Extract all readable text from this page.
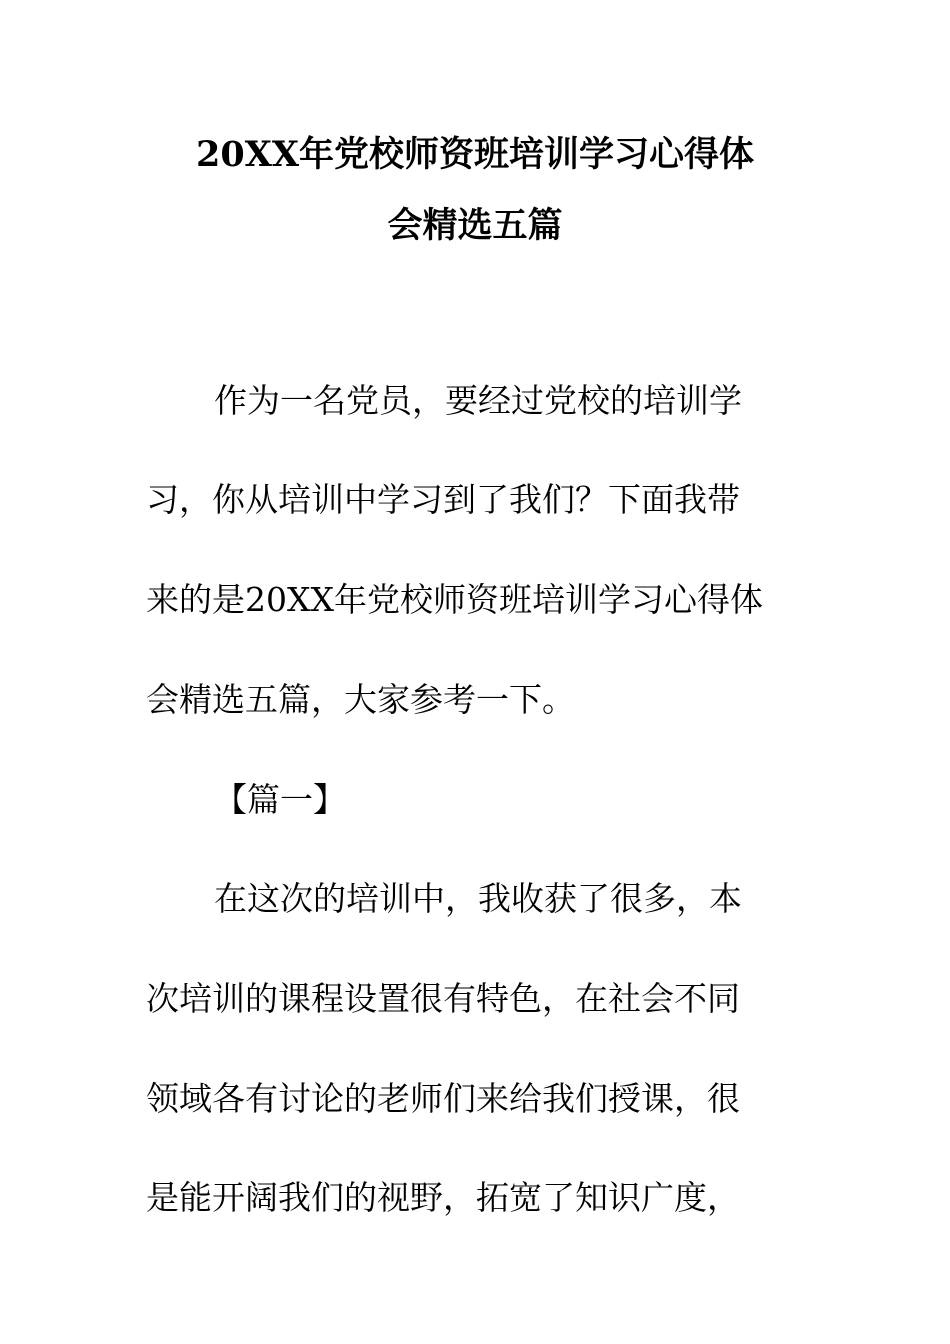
20XX年党校师资班培训学习心得体
会精选五篇
作为一名党员，要经过党校的培训学
习，你从培训中学习到了我们？下面我带
来的是20XX年党校师资班培训学习心得体
会精选五篇，大家参考一下。
【篇一】
在这次的培训中，我收获了很多，本
次培训的课程设置很有特色，在社会不同
领域各有讨论的老师们来给我们授课，很
是能开阔我们的视野，拓宽了知识广度，
